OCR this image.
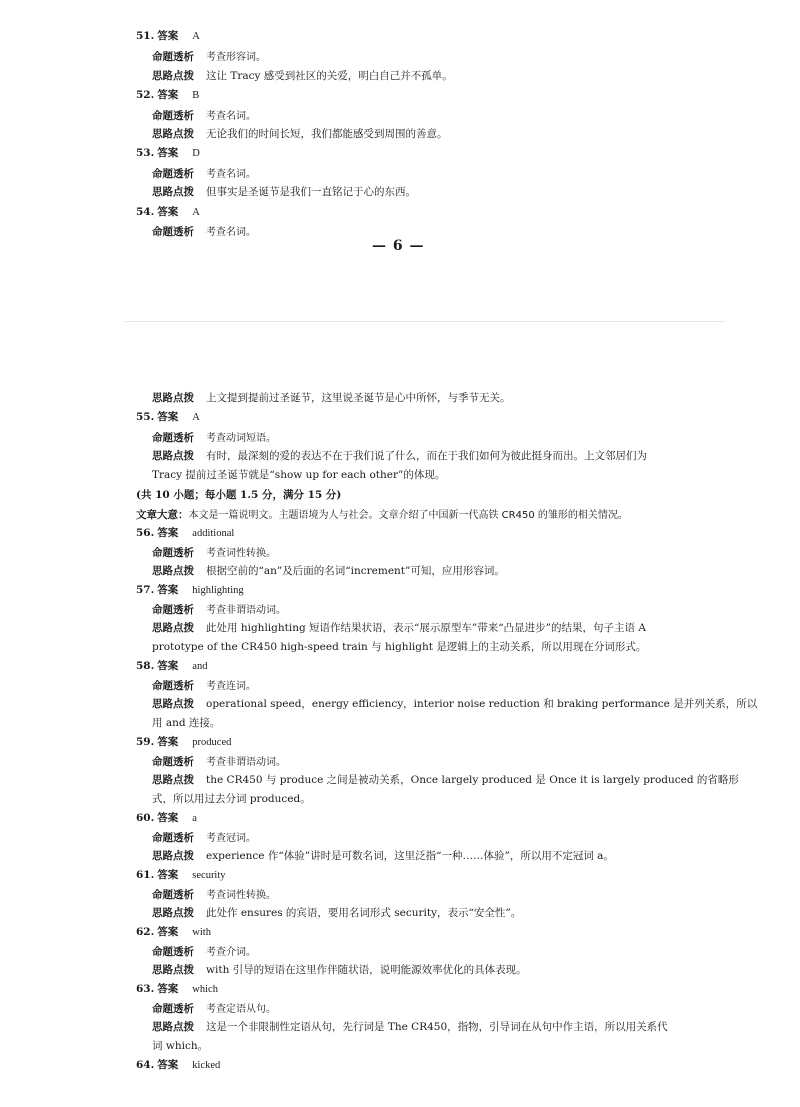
51. 答案 A
命题透析 考查形容词。
思路点拨 这让 Tracy 感受到社区的关爱，明白自己并不孤单。
52. 答案 B
命题透析 考查名词。
思路点拨 无论我们的时间长短，我们都能感受到周围的善意。
53. 答案 D
命题透析 考查名词。
思路点拨 但事实是圣诞节是我们一直铭记于心的东西。
54. 答案 A
命题透析 考查名词。
— 6 —
思路点拨 上文提到提前过圣诞节，这里说圣诞节是心中所怀，与季节无关。
55. 答案 A
命题透析 考查动词短语。
思路点拨 有时，最深刻的爱的表达不在于我们说了什么，而在于我们如何为彼此挺身而出。上文邻居们为
Tracy 提前过圣诞节就是“show up for each other”的体现。
(共 10 小题；每小题 1.5 分，满分 15 分)
文章大意：本文是一篇说明文。主题语境为人与社会。文章介绍了中国新一代高铁 CR450 的雏形的相关情况。
56. 答案 additional
命题透析 考查词性转换。
思路点拨 根据空前的“an”及后面的名词“increment”可知，应用形容词。
57. 答案 highlighting
命题透析 考查非谓语动词。
思路点拨 此处用 highlighting 短语作结果状语，表示“展示原型车”带来“凸显进步”的结果，句子主语 A
prototype of the CR450 high-speed train 与 highlight 是逻辑上的主动关系，所以用现在分词形式。
58. 答案 and
命题透析 考查连词。
思路点拨 operational speed，energy efficiency，interior noise reduction 和 braking performance 是并列关系，所以
用 and 连接。
59. 答案 produced
命题透析 考查非谓语动词。
思路点拨 the CR450 与 produce 之间是被动关系，Once largely produced 是 Once it is largely produced 的省略形
式，所以用过去分词 produced。
60. 答案 a
命题透析 考查冠词。
思路点拨 experience 作“体验”讲时是可数名词，这里泛指“一种……体验”，所以用不定冠词 a。
61. 答案 security
命题透析 考查词性转换。
思路点拨 此处作 ensures 的宾语，要用名词形式 security，表示“安全性”。
62. 答案 with
命题透析 考查介词。
思路点拨 with 引导的短语在这里作伴随状语，说明能源效率优化的具体表现。
63. 答案 which
命题透析 考查定语从句。
思路点拨 这是一个非限制性定语从句，先行词是 The CR450，指物，引导词在从句中作主语，所以用关系代
词 which。
64. 答案 kicked
